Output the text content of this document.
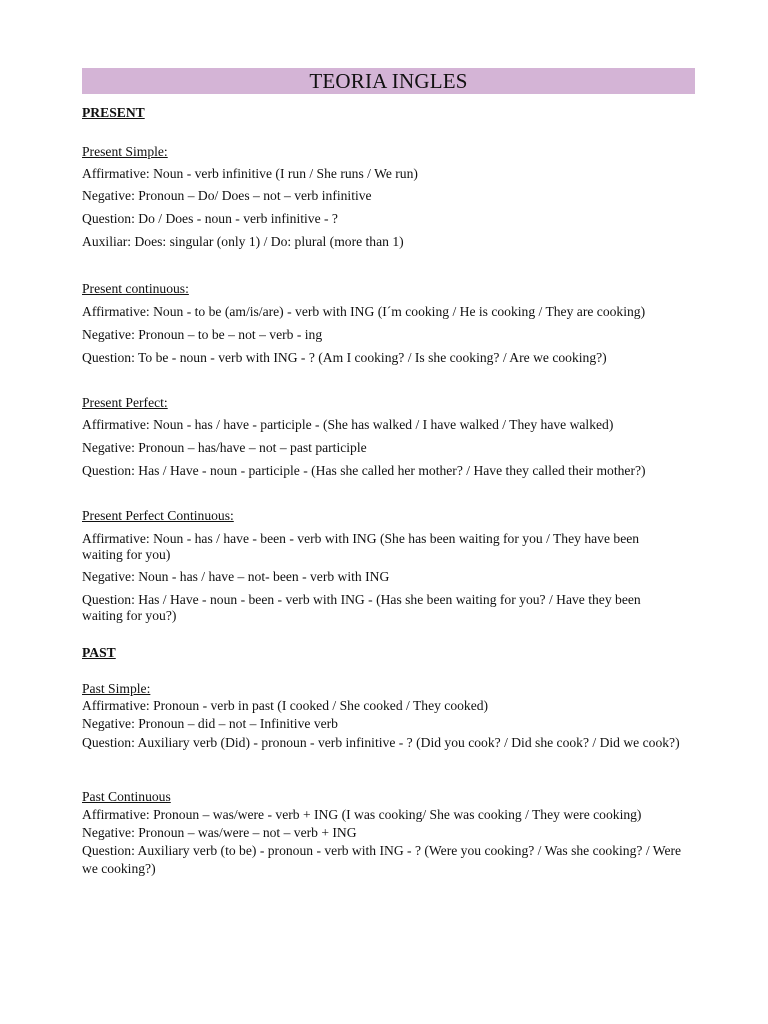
TEORIA INGLES
PRESENT
Present Simple:
Affirmative: Noun - verb infinitive (I run / She runs / We run)
Negative: Pronoun – Do/ Does – not – verb infinitive
Question: Do / Does - noun - verb infinitive - ?
Auxiliar: Does: singular (only 1) / Do: plural (more than 1)
Present continuous:
Affirmative: Noun - to be (am/is/are) - verb with ING (I´m cooking / He is cooking / They are cooking)
Negative: Pronoun – to be – not – verb - ing
Question: To be - noun - verb with ING - ? (Am I cooking? / Is she cooking? / Are we cooking?)
Present Perfect:
Affirmative: Noun - has / have - participle - (She has walked / I have walked / They have walked)
Negative: Pronoun – has/have – not – past participle
Question: Has / Have - noun - participle - (Has she called her mother? / Have they called their mother?)
Present Perfect Continuous:
Affirmative: Noun - has / have - been - verb with ING (She has been waiting for you / They have been waiting for you)
Negative: Noun - has / have – not- been - verb with ING
Question: Has / Have - noun - been - verb with ING - (Has she been waiting for you? / Have they been waiting for you?)
PAST
Past Simple:
Affirmative: Pronoun - verb in past (I cooked / She cooked / They cooked)
Negative: Pronoun – did – not – Infinitive verb
Question: Auxiliary verb (Did) - pronoun - verb infinitive - ? (Did you cook? / Did she cook? / Did we cook?)
Past Continuous
Affirmative: Pronoun – was/were - verb + ING (I was cooking/ She was cooking / They were cooking)
Negative: Pronoun – was/were – not – verb + ING
Question: Auxiliary verb (to be) - pronoun - verb with ING - ? (Were you cooking? / Was she cooking? / Were we cooking?)
